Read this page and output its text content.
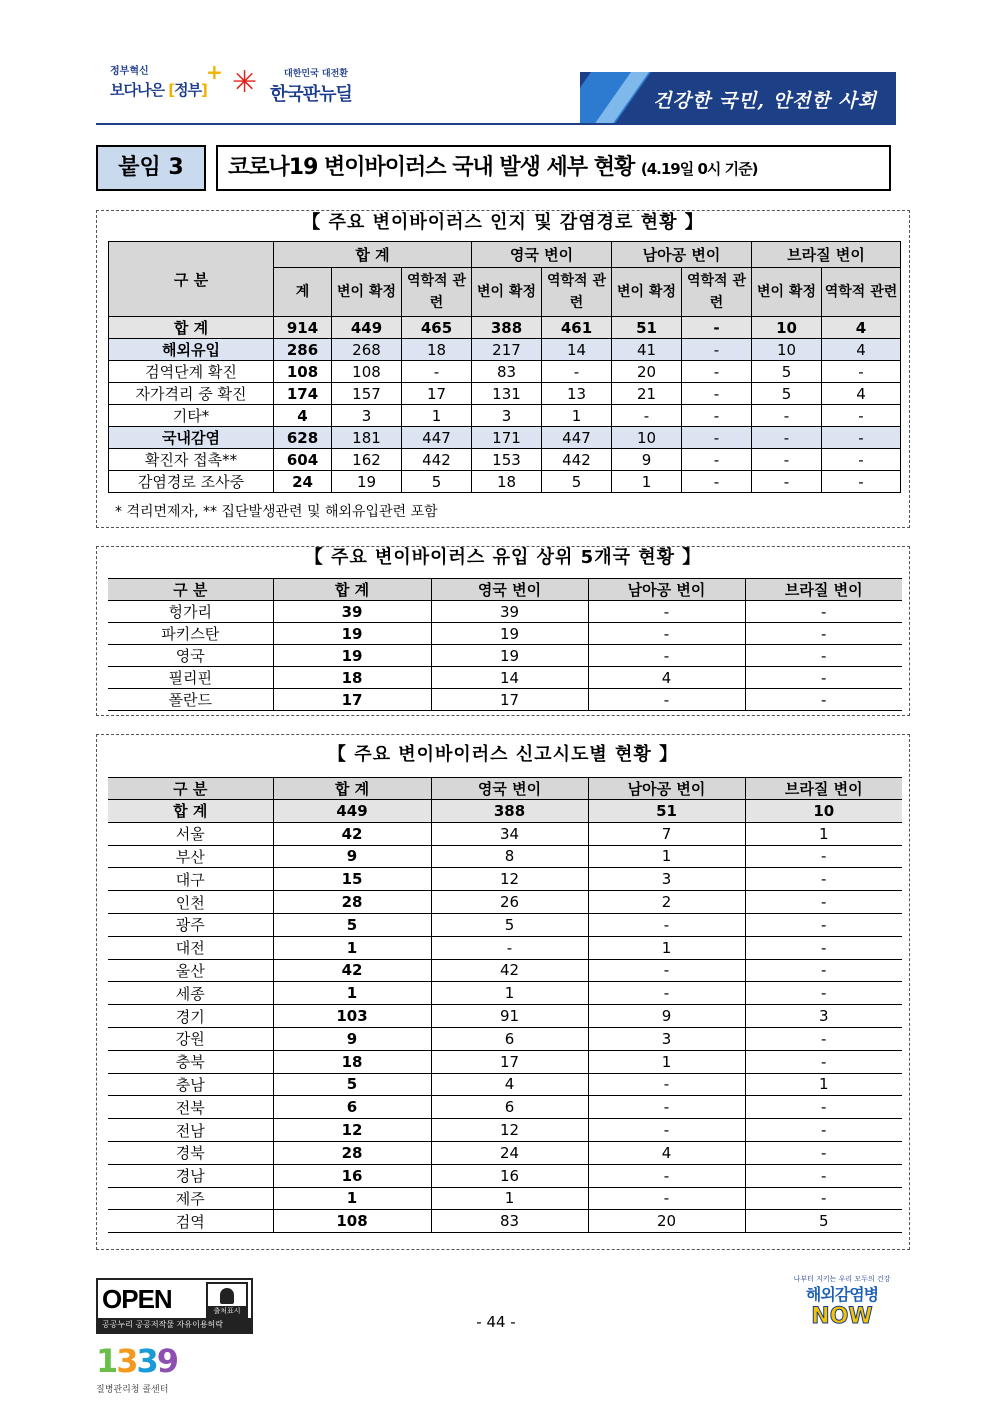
정부혁신
보다나은 [정부]
+ ✳	대한민국 대전환
한국판뉴딜	건강한 국민, 안전한 사회
붙임 3	코로나19 변이바이러스 국내 발생 세부 현황 (4.19일 0시 기준)
【 주요 변이바이러스 인지 및 감염경로 현황 】
구 분	합 계			영국 변이		남아공 변이		브라질 변이	
	계	변이 확정	역학적 관련	변이 확정	역학적 관련	변이 확정	역학적 관련	변이 확정	역학적 관련
합 계	914	449	465	388	461	51	-	10	4
해외유입	286	268	18	217	14	41	-	10	4
검역단계 확진	108	108	-	83	-	20	-	5	-
자가격리 중 확진	174	157	17	131	13	21	-	5	4
기타*	4	3	1	3	1	-	-	-	-
국내감염	628	181	447	171	447	10	-	-	-
확진자 접촉**	604	162	442	153	442	9	-	-	-
감염경로 조사중	24	19	5	18	5	1	-	-	-
* 격리면제자, ** 집단발생관련 및 해외유입관련 포함
【 주요 변이바이러스 유입 상위 5개국 현황 】
구 분	합 계	영국 변이	남아공 변이	브라질 변이
헝가리	39	39	-	-
파키스탄	19	19	-	-
영국	19	19	-	-
필리핀	18	14	4	-
폴란드	17	17	-	-
【 주요 변이바이러스 신고시도별 현황 】
구 분	합 계	영국 변이	남아공 변이	브라질 변이
합 계	449	388	51	10
서울	42	34	7	1
부산	9	8	1	-
대구	15	12	3	-
인천	28	26	2	-
광주	5	5	-	-
대전	1	-	1	-
울산	42	42	-	-
세종	1	1	-	-
경기	103	91	9	3
강원	9	6	3	-
충북	18	17	1	-
충남	5	4	-	1
전북	6	6	-	-
전남	12	12	-	-
경북	28	24	4	-
경남	16	16	-	-
제주	1	1	-	-
검역	108	83	20	5
OPEN	출처표시
공공누리 공공저작물 자유이용허락	- 44 -
1339
질병관리청 콜센터
나부터 지키는 우리 모두의 건강
해외감염병
NOW
